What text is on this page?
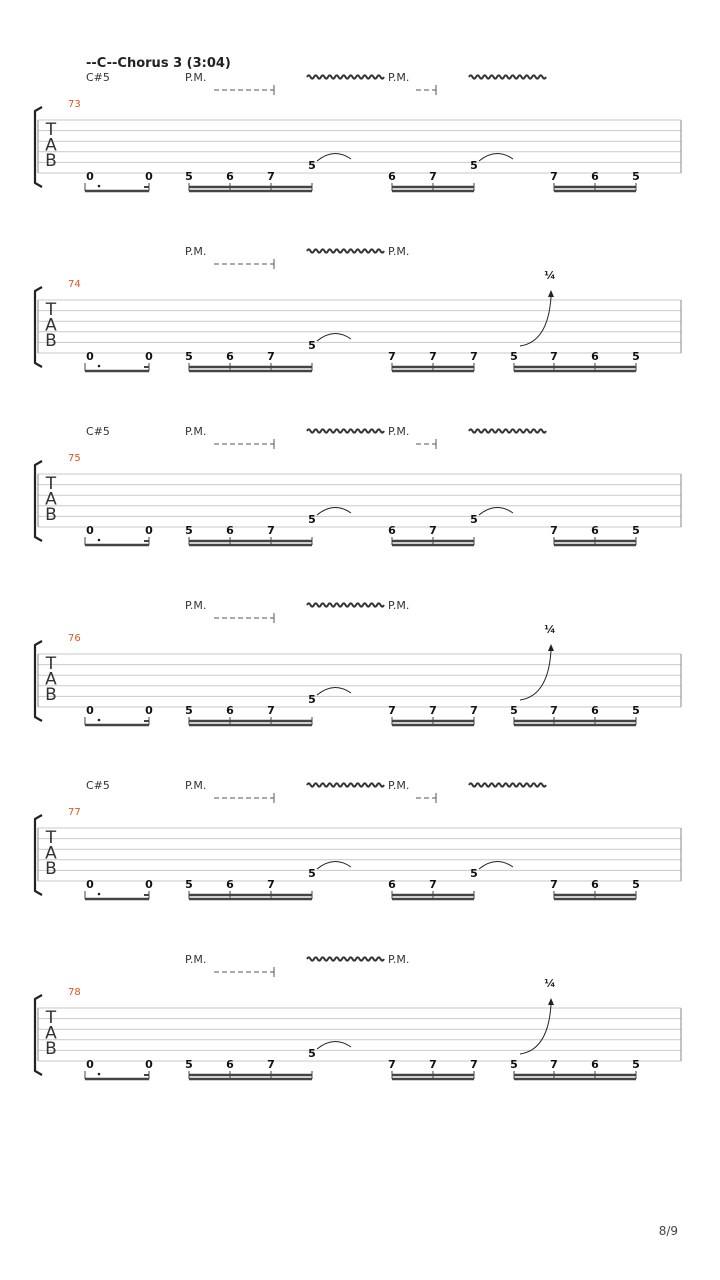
8/9
--C--Chorus 3 (3:04)
C#5	P.M.	P.M.
73
T
A
B
0	0	5	6	7
5
6	7
5
7	6	5
P.M.	P.M.
74
T
A
B
0	0	5	6	7
5
7	7	7	5	7	6	5
¼
C#5	P.M.	P.M.
75
T
A
B
0	0	5	6	7
5
6	7
5
7	6	5
P.M.	P.M.
76
T
A
B
0	0	5	6	7
5
7	7	7	5	7	6	5
¼
C#5	P.M.	P.M.
77
T
A
B
0	0	5	6	7
5
6	7
5
7	6	5
P.M.	P.M.
78
T
A
B
0	0	5	6	7
5
7	7	7	5	7	6	5
¼
